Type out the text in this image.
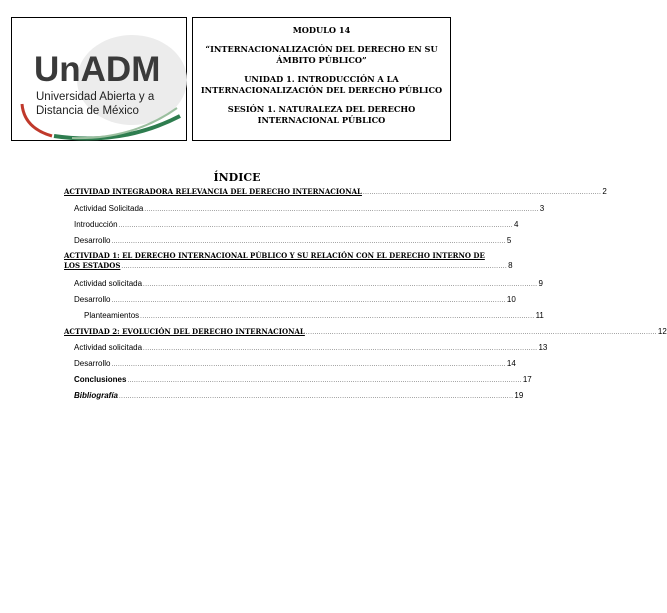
UnADM
Universidad Abierta y a
Distancia de México
MODULO 14
“INTERNACIONALIZACIÓN DEL DERECHO EN SU ÁMBITO PÚBLICO”
UNIDAD 1. INTRODUCCIÓN A LA INTERNACIONALIZACIÓN DEL DERECHO PÚBLICO
SESIÓN 1. NATURALEZA DEL DERECHO INTERNACIONAL PÚBLICO
ÍNDICE
ACTIVIDAD INTEGRADORA RELEVANCIA DEL DERECHO INTERNACIONAL .............................................................................................................. 2
Actividad Solicitada ...................................................................................................................................................................................... 3
Introducción ...................................................................................................................................................................................... 4
Desarrollo ...................................................................................................................................................................................... 5
ACTIVIDAD 1: EL DERECHO INTERNACIONAL PÚBLICO Y SU RELACIÓN CON EL DERECHO INTERNO DE
LOS ESTADOS .................................................................................................................................................................................. 8
Actividad solicitada ...................................................................................................................................................................................... 9
Desarrollo ...................................................................................................................................................................................... 10
Planteamientos ...................................................................................................................................................................................... 11
ACTIVIDAD 2: EVOLUCIÓN DEL DERECHO INTERNACIONAL .................................................................................................................................................................. 12
Actividad solicitada ...................................................................................................................................................................................... 13
Desarrollo ...................................................................................................................................................................................... 14
Conclusiones ...................................................................................................................................................................................... 17
Bibliografía ...................................................................................................................................................................................... 19
